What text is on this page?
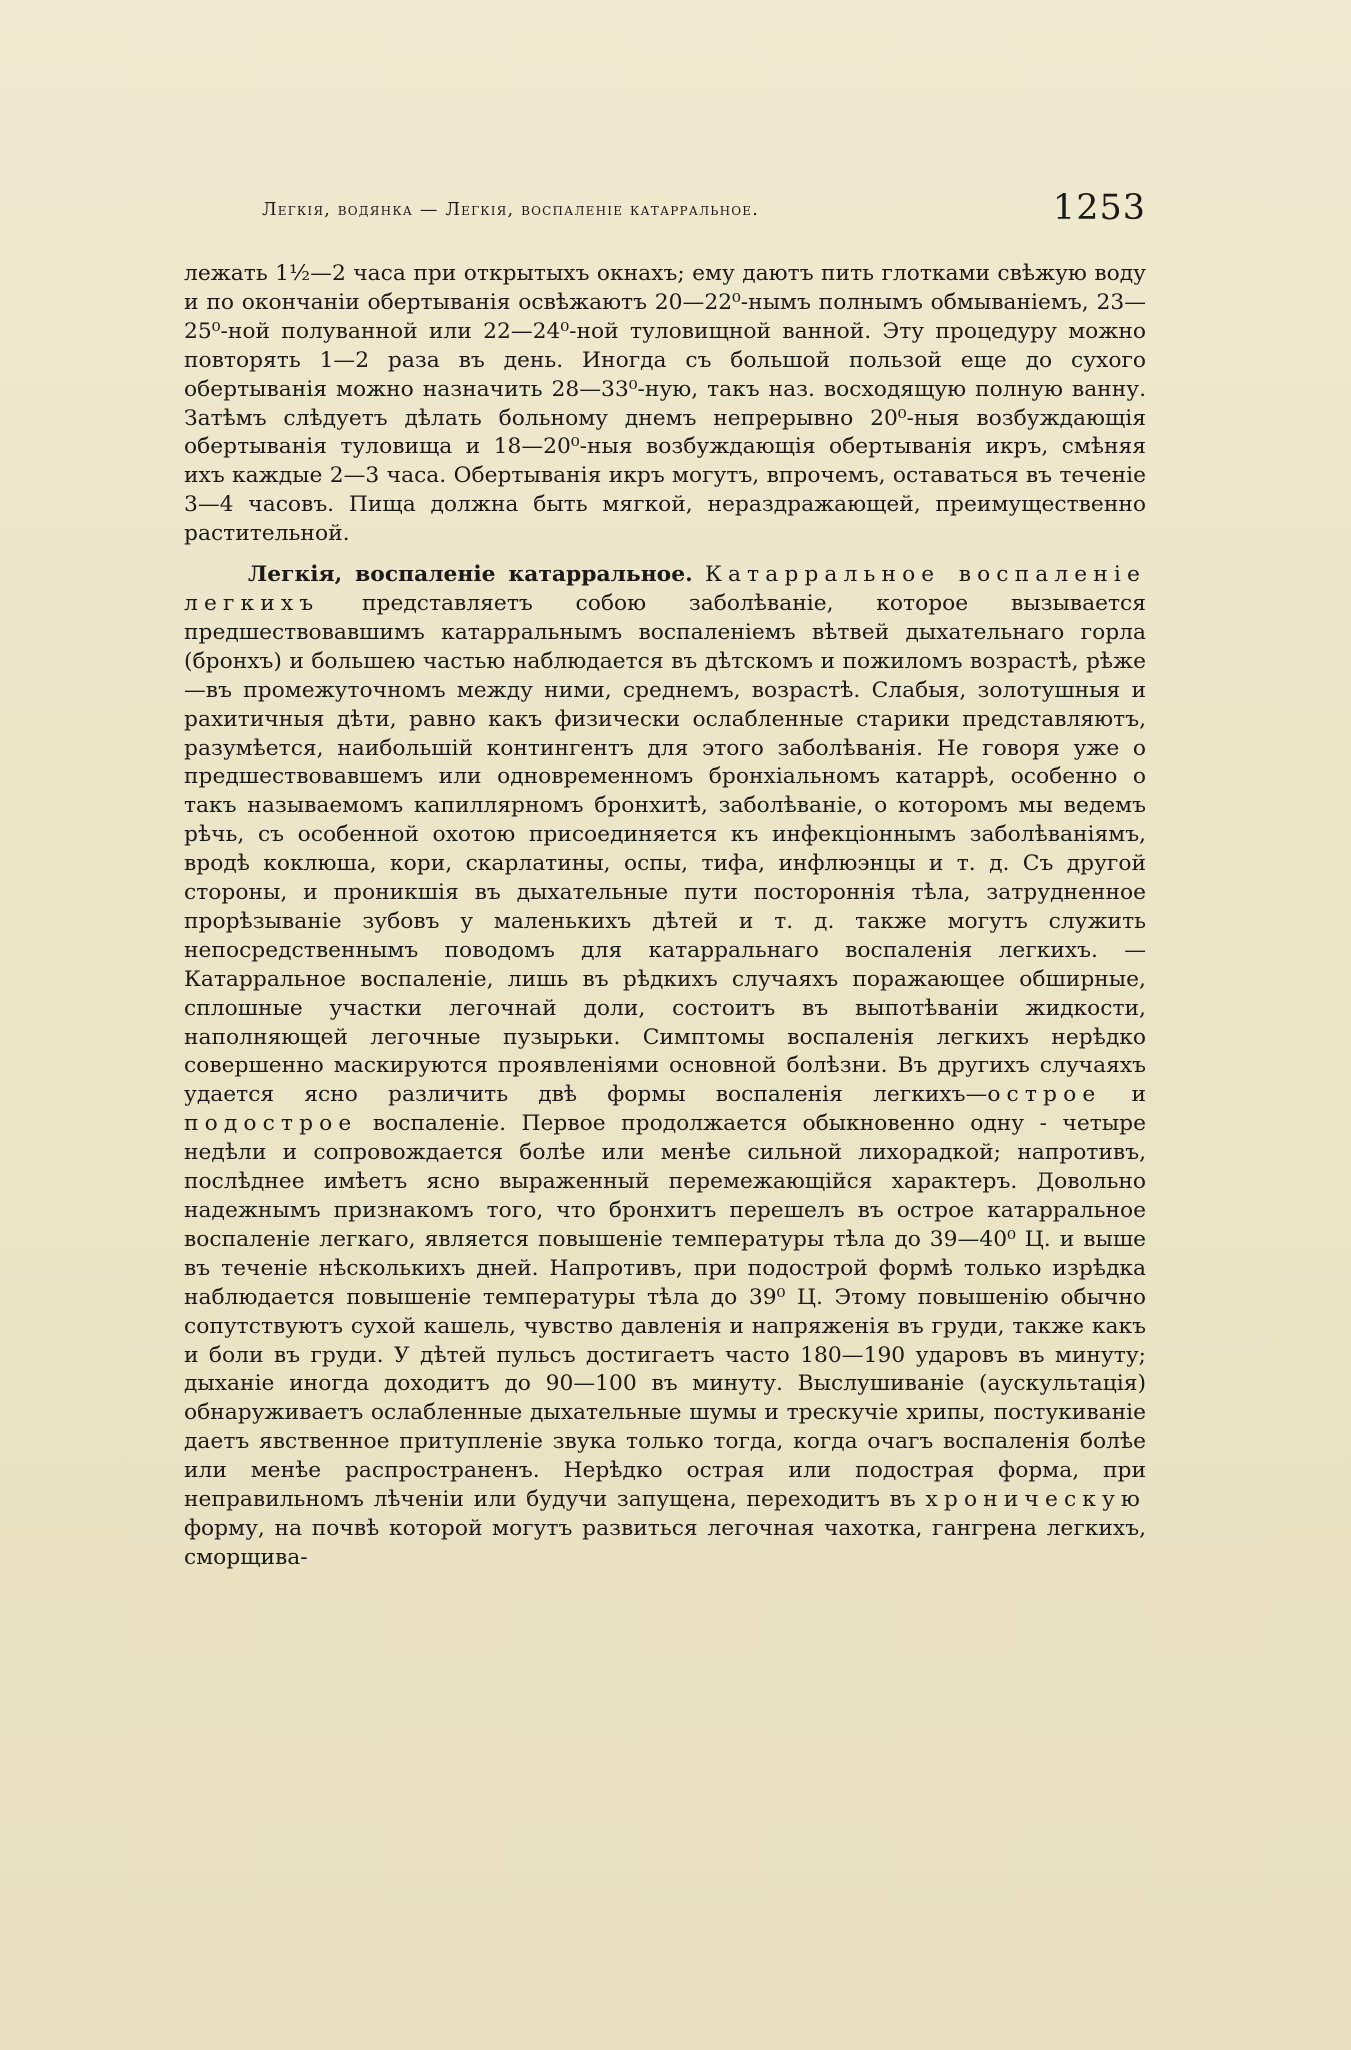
Легкія, водянка — Легкія, воспаленіе катарральное.	1253

лежать 1½—2 часа при открытыхъ окнахъ; ему даютъ пить глотками свѣжую воду и по окончаніи обертыванія освѣжаютъ 20—22⁰-нымъ полнымъ обмываніемъ, 23—25⁰-ной полуванной или 22—24⁰-ной туловищной ванной. Эту процедуру можно повторять 1—2 раза въ день. Иногда съ большой пользой еще до сухого обертыванія можно назначить 28—33⁰-ную, такъ наз. восходящую полную ванну. Затѣмъ слѣдуетъ дѣлать больному днемъ непрерывно 20⁰-ныя возбуждающія обертыванія туловища и 18—20⁰-ныя возбуждающія обертыванія икръ, смѣняя ихъ каждые 2—3 часа. Обертыванія икръ могутъ, впрочемъ, оставаться въ теченіе 3—4 часовъ. Пища должна быть мягкой, нераздражающей, преимущественно растительной.

Легкія, воспаленіе катарральное. Катарральное воспаленіе легкихъ представляетъ собою заболѣваніе, которое вызывается предшествовавшимъ катарральнымъ воспаленіемъ вѣтвей дыхательнаго горла (бронхъ) и большею частью наблюдается въ дѣтскомъ и пожиломъ возрастѣ, рѣже—въ промежуточномъ между ними, среднемъ, возрастѣ. Слабыя, золотушныя и рахитичныя дѣти, равно какъ физически ослабленные старики представляютъ, разумѣется, наибольшій контингентъ для этого заболѣванія. Не говоря уже о предшествовавшемъ или одновременномъ бронхіальномъ катаррѣ, особенно о такъ называемомъ капиллярномъ бронхитѣ, заболѣваніе, о которомъ мы ведемъ рѣчь, съ особенной охотою присоединяется къ инфекціоннымъ заболѣваніямъ, вродѣ коклюша, кори, скарлатины, оспы, тифа, инфлюэнцы и т. д. Съ другой стороны, и проникшія въ дыхательные пути постороннія тѣла, затрудненное прорѣзываніе зубовъ у маленькихъ дѣтей и т. д. также могутъ служить непосредственнымъ поводомъ для катарральнаго воспаленія легкихъ. — Катарральное воспаленіе, лишь въ рѣдкихъ случаяхъ поражающее обширные, сплошные участки легочнай доли, состоитъ въ выпотѣваніи жидкости, наполняющей легочные пузырьки. Симптомы воспаленія легкихъ нерѣдко совершенно маскируются проявленіями основной болѣзни. Въ другихъ случаяхъ удается ясно различить двѣ формы воспаленія легкихъ—острое и подострое воспаленіе. Первое продолжается обыкновенно одну - четыре недѣли и сопровождается болѣе или менѣе сильной лихорадкой; напротивъ, послѣднее имѣетъ ясно выраженный перемежающійся характеръ. Довольно надежнымъ признакомъ того, что бронхитъ перешелъ въ острое катарральное воспаленіе легкаго, является повышеніе температуры тѣла до 39—40⁰ Ц. и выше въ теченіе нѣсколькихъ дней. Напротивъ, при подострой формѣ только изрѣдка наблюдается повышеніе температуры тѣла до 39⁰ Ц. Этому повышенію обычно сопутствуютъ сухой кашель, чувство давленія и напряженія въ груди, также какъ и боли въ груди. У дѣтей пульсъ достигаетъ часто 180—190 ударовъ въ минуту; дыханіе иногда доходитъ до 90—100 въ минуту. Выслушиваніе (аускультація) обнаруживаетъ ослабленные дыхательные шумы и трескучіе хрипы, постукиваніе даетъ явственное притупленіе звука только тогда, когда очагъ воспаленія болѣе или менѣе распространенъ. Нерѣдко острая или подострая форма, при неправильномъ лѣченіи или будучи запущена, переходитъ въ хроническую форму, на почвѣ которой могутъ развиться легочная чахотка, гангрена легкихъ, сморщива-
